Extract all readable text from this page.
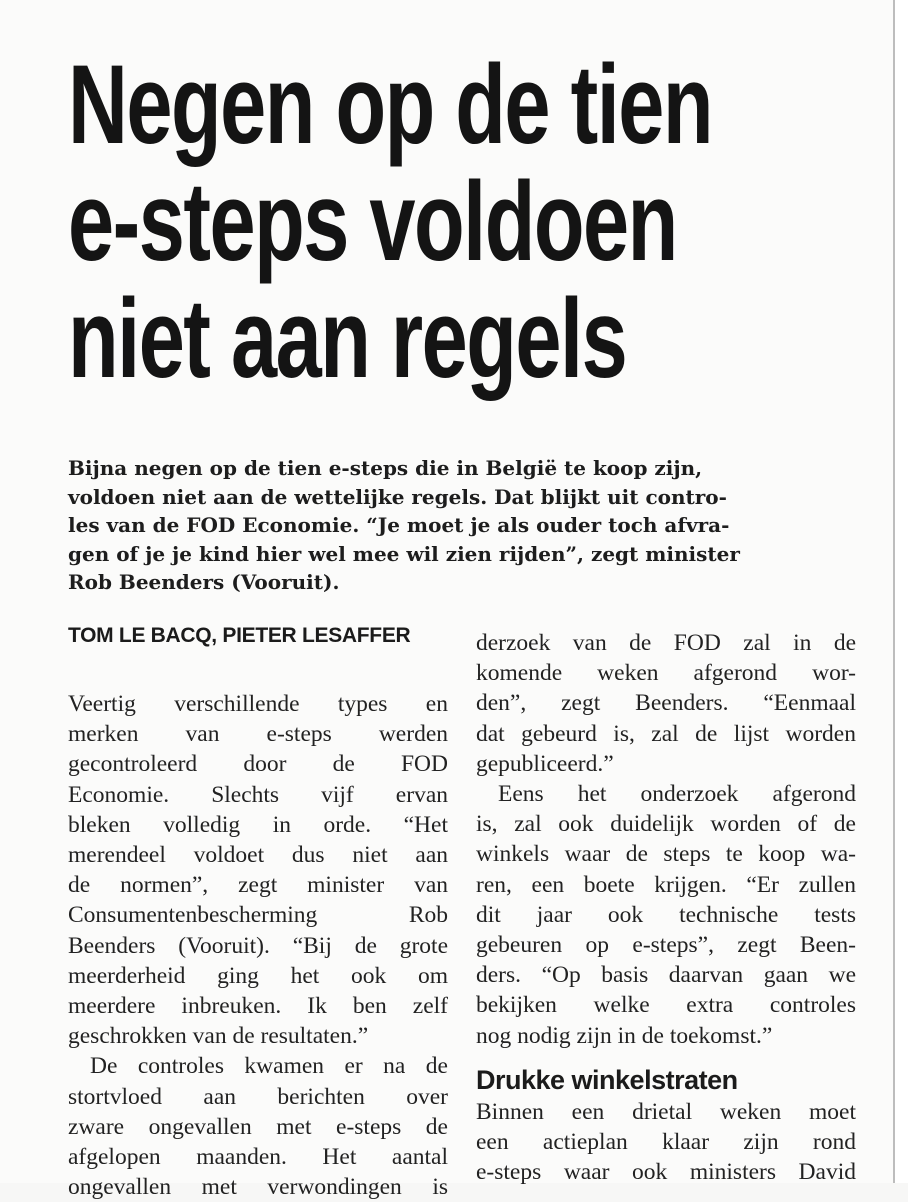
Negen op de tien
e-steps voldoen
niet aan regels

Bijna negen op de tien e-steps die in België te koop zijn,
voldoen niet aan de wettelijke regels. Dat blijkt uit contro-
les van de FOD Economie. “Je moet je als ouder toch afvra-
gen of je je kind hier wel mee wil zien rijden”, zegt minister
Rob Beenders (Vooruit).

TOM LE BACQ, PIETER LESAFFER
Veertig verschillende types en
merken van e-steps werden
gecontroleerd door de FOD
Economie. Slechts vijf ervan
bleken volledig in orde. “Het
merendeel voldoet dus niet aan
de normen”, zegt minister van
Consumentenbescherming Rob
Beenders (Vooruit). “Bij de grote
meerderheid ging het ook om
meerdere inbreuken. Ik ben zelf
geschrokken van de resultaten.”
De controles kwamen er na de
stortvloed aan berichten over
zware ongevallen met e-steps de
afgelopen maanden. Het aantal
ongevallen met verwondingen is
derzoek van de FOD zal in de
komende weken afgerond wor-
den”, zegt Beenders. “Eenmaal
dat gebeurd is, zal de lijst worden
gepubliceerd.”
Eens het onderzoek afgerond
is, zal ook duidelijk worden of de
winkels waar de steps te koop wa-
ren, een boete krijgen. “Er zullen
dit jaar ook technische tests
gebeuren op e-steps”, zegt Been-
ders. “Op basis daarvan gaan we
bekijken welke extra controles
nog nodig zijn in de toekomst.”
Drukke winkelstraten
Binnen een drietal weken moet
een actieplan klaar zijn rond
e-steps waar ook ministers David
